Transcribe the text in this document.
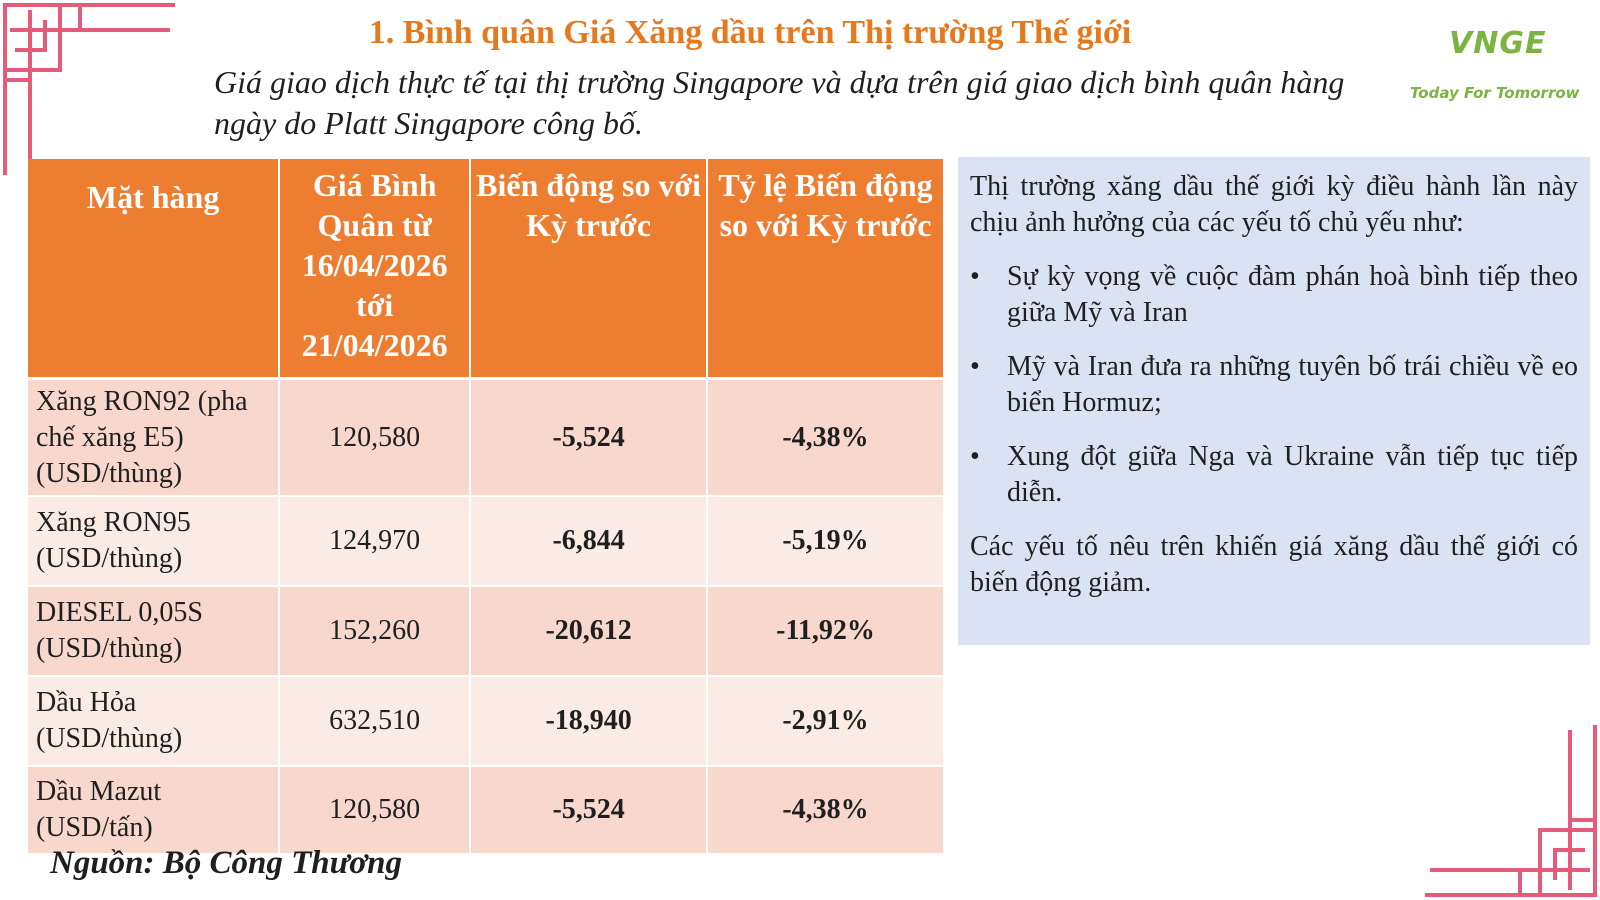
1. Bình quân Giá Xăng dầu trên Thị trường Thế giới
Giá giao dịch thực tế tại thị trường Singapore và dựa trên giá giao dịch bình quân hàng ngày do Platt Singapore công bố.
VNGE
Today For Tomorrow
Mặt hàng	Giá Bình Quân từ 16/04/2026 tới 21/04/2026	Biến động so với Kỳ trước	Tỷ lệ Biến động so với Kỳ trước
Xăng RON92 (pha chế xăng E5) (USD/thùng)	120,580	-5,524	-4,38%
Xăng RON95 (USD/thùng)	124,970	-6,844	-5,19%
DIESEL 0,05S (USD/thùng)	152,260	-20,612	-11,92%
Dầu Hỏa (USD/thùng)	632,510	-18,940	-2,91%
Dầu Mazut (USD/tấn)	120,580	-5,524	-4,38%
Nguồn: Bộ Công Thương

Thị trường xăng dầu thế giới kỳ điều hành lần này chịu ảnh hưởng của các yếu tố chủ yếu như:

• Sự kỳ vọng về cuộc đàm phán hoà bình tiếp theo giữa Mỹ và Iran
• Mỹ và Iran đưa ra những tuyên bố trái chiều về eo biển Hormuz;
• Xung đột giữa Nga và Ukraine vẫn tiếp tục tiếp diễn.

Các yếu tố nêu trên khiến giá xăng dầu thế giới có biến động giảm.
